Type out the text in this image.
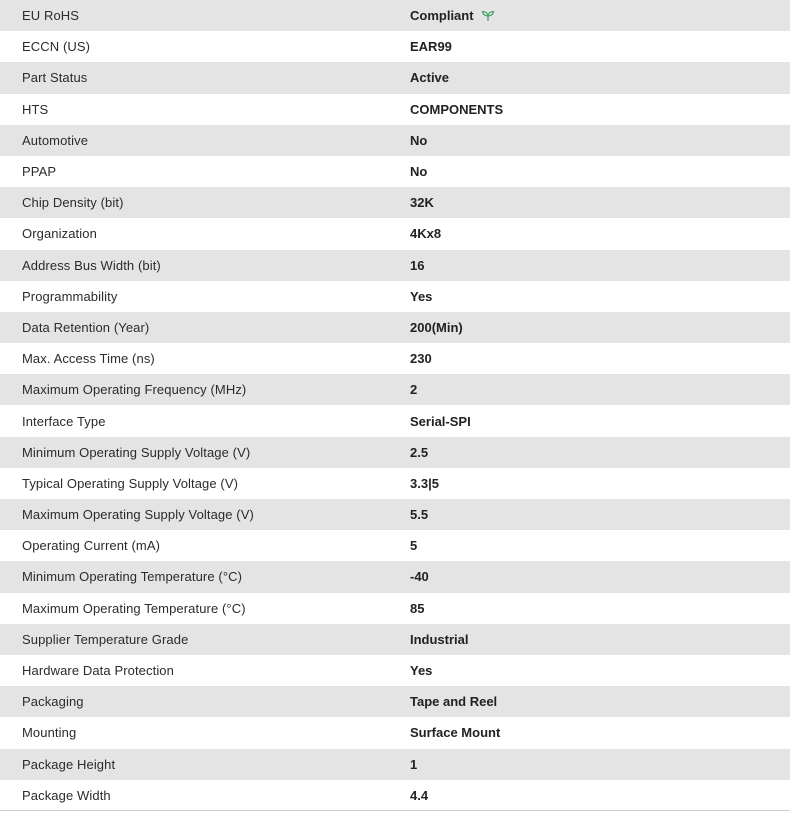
EU RoHS	Compliant
ECCN (US)	EAR99
Part Status	Active
HTS	COMPONENTS
Automotive	No
PPAP	No
Chip Density (bit)	32K
Organization	4Kx8
Address Bus Width (bit)	16
Programmability	Yes
Data Retention (Year)	200(Min)
Max. Access Time (ns)	230
Maximum Operating Frequency (MHz)	2
Interface Type	Serial-SPI
Minimum Operating Supply Voltage (V)	2.5
Typical Operating Supply Voltage (V)	3.3|5
Maximum Operating Supply Voltage (V)	5.5
Operating Current (mA)	5
Minimum Operating Temperature (°C)	-40
Maximum Operating Temperature (°C)	85
Supplier Temperature Grade	Industrial
Hardware Data Protection	Yes
Packaging	Tape and Reel
Mounting	Surface Mount
Package Height	1
Package Width	4.4
